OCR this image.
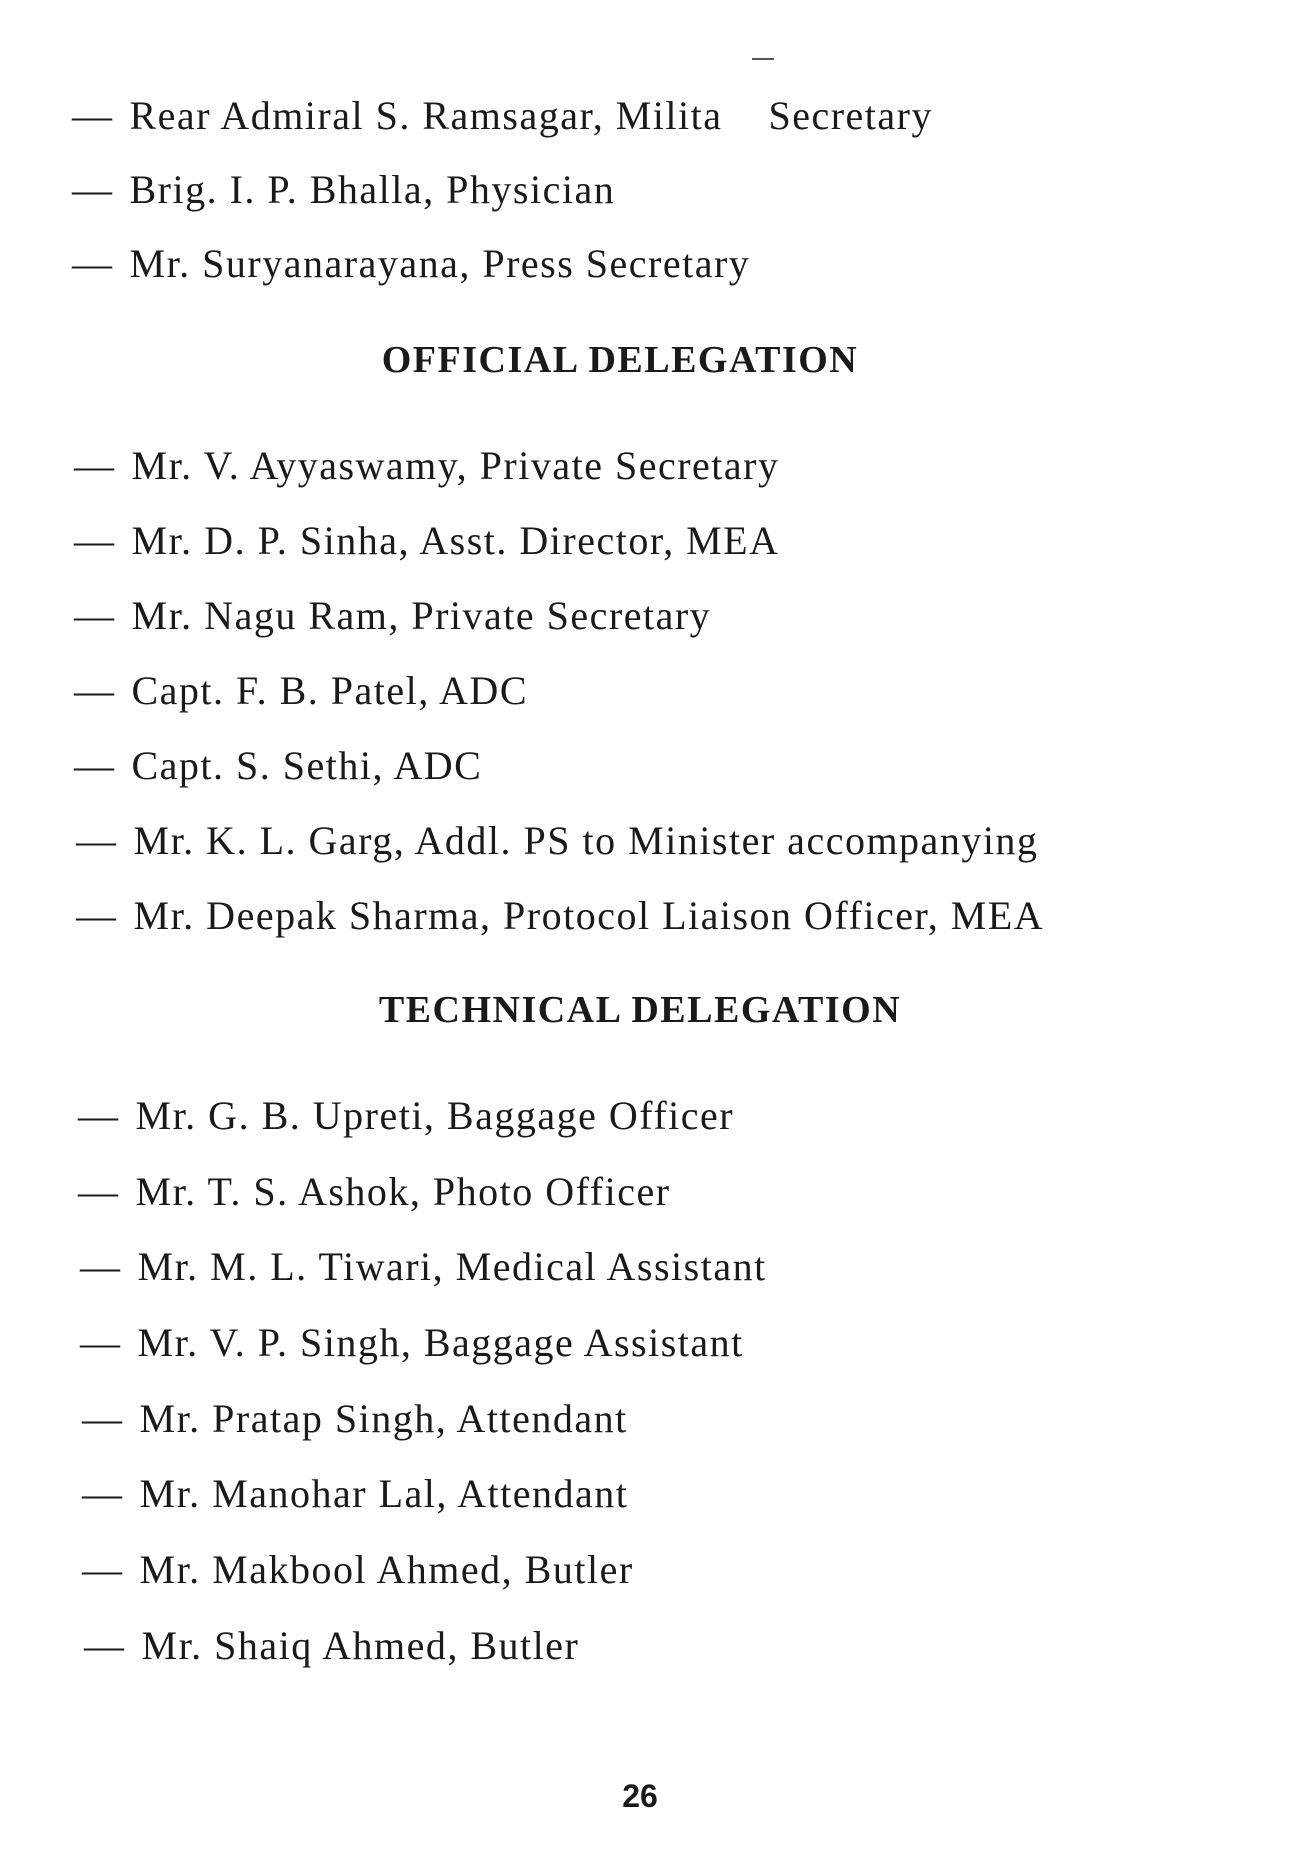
— Rear Admiral S. Ramsagar, Milita    Secretary
— Brig. I. P. Bhalla, Physician
— Mr. Suryanarayana, Press Secretary
OFFICIAL DELEGATION
— Mr. V. Ayyaswamy, Private Secretary
— Mr. D. P. Sinha, Asst. Director, MEA
— Mr. Nagu Ram, Private Secretary
— Capt. F. B. Patel, ADC
— Capt. S. Sethi, ADC
— Mr. K. L. Garg, Addl. PS to Minister accompanying
— Mr. Deepak Sharma, Protocol Liaison Officer, MEA
TECHNICAL DELEGATION
— Mr. G. B. Upreti, Baggage Officer
— Mr. T. S. Ashok, Photo Officer
— Mr. M. L. Tiwari, Medical Assistant
— Mr. V. P. Singh, Baggage Assistant
— Mr. Pratap Singh, Attendant
— Mr. Manohar Lal, Attendant
— Mr. Makbool Ahmed, Butler
— Mr. Shaiq Ahmed, Butler
26
